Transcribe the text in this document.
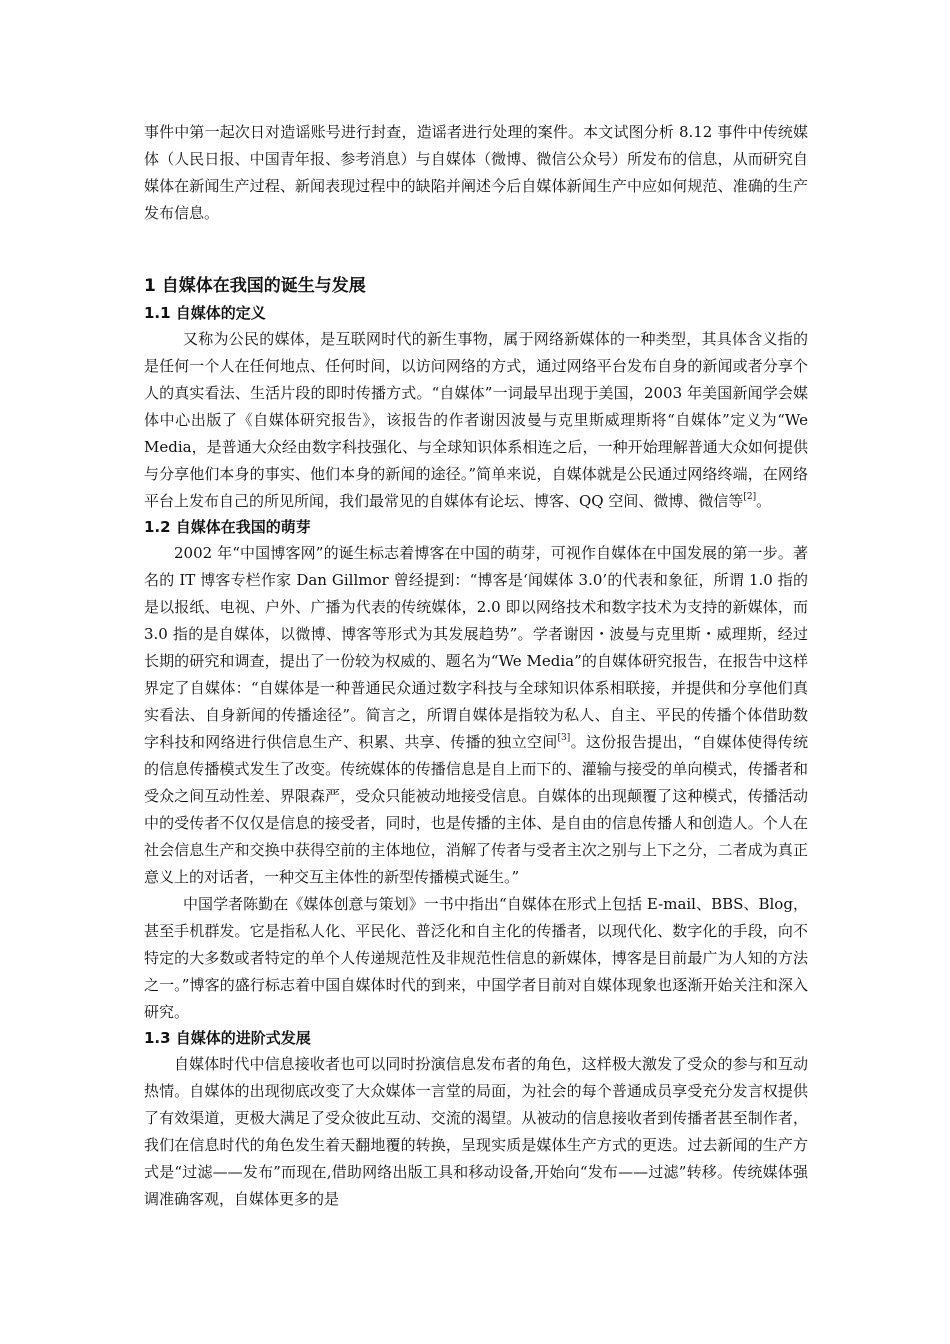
事件中第一起次日对造谣账号进行封查，造谣者进行处理的案件。本文试图分析 8.12 事件中传统媒体（人民日报、中国青年报、参考消息）与自媒体（微博、微信公众号）所发布的信息，从而研究自媒体在新闻生产过程、新闻表现过程中的缺陷并阐述今后自媒体新闻生产中应如何规范、准确的生产发布信息。

1 自媒体在我国的诞生与发展
1.1 自媒体的定义

又称为公民的媒体，是互联网时代的新生事物，属于网络新媒体的一种类型，其具体含义指的是任何一个人在任何地点、任何时间，以访问网络的方式，通过网络平台发布自身的新闻或者分享个人的真实看法、生活片段的即时传播方式。“自媒体”一词最早出现于美国，2003 年美国新闻学会媒体中心出版了《自媒体研究报告》，该报告的作者谢因波曼与克里斯威理斯将“自媒体”定义为“We Media，是普通大众经由数字科技强化、与全球知识体系相连之后，一种开始理解普通大众如何提供与分享他们本身的事实、他们本身的新闻的途径。”简单来说，自媒体就是公民通过网络终端，在网络平台上发布自己的所见所闻，我们最常见的自媒体有论坛、博客、QQ 空间、微博、微信等[2]。

1.2 自媒体在我国的萌芽

2002 年“中国博客网”的诞生标志着博客在中国的萌芽，可视作自媒体在中国发展的第一步。著名的 IT 博客专栏作家 Dan Gillmor 曾经提到：“博客是‘闻媒体 3.0’的代表和象征，所谓 1.0 指的是以报纸、电视、户外、广播为代表的传统媒体，2.0 即以网络技术和数字技术为支持的新媒体，而 3.0 指的是自媒体，以微博、博客等形式为其发展趋势”。学者谢因・波曼与克里斯・威理斯，经过长期的研究和调查，提出了一份较为权威的、题名为“We Media”的自媒体研究报告，在报告中这样界定了自媒体：“自媒体是一种普通民众通过数字科技与全球知识体系相联接，并提供和分享他们真实看法、自身新闻的传播途径”。简言之，所谓自媒体是指较为私人、自主、平民的传播个体借助数字科技和网络进行供信息生产、积累、共享、传播的独立空间[3]。这份报告提出，“自媒体使得传统的信息传播模式发生了改变。传统媒体的传播信息是自上而下的、灌输与接受的单向模式，传播者和受众之间互动性差、界限森严，受众只能被动地接受信息。自媒体的出现颠覆了这种模式，传播活动中的受传者不仅仅是信息的接受者，同时，也是传播的主体、是自由的信息传播人和创造人。个人在社会信息生产和交换中获得空前的主体地位，消解了传者与受者主次之别与上下之分，二者成为真正意义上的对话者，一种交互主体性的新型传播模式诞生。”

中国学者陈勤在《媒体创意与策划》一书中指出“自媒体在形式上包括 E-mail、BBS、Blog，甚至手机群发。它是指私人化、平民化、普泛化和自主化的传播者，以现代化、数字化的手段，向不特定的大多数或者特定的单个人传递规范性及非规范性信息的新媒体，博客是目前最广为人知的方法之一。”博客的盛行标志着中国自媒体时代的到来，中国学者目前对自媒体现象也逐渐开始关注和深入研究。

1.3 自媒体的进阶式发展

自媒体时代中信息接收者也可以同时扮演信息发布者的角色，这样极大激发了受众的参与和互动热情。自媒体的出现彻底改变了大众媒体一言堂的局面，为社会的每个普通成员享受充分发言权提供了有效渠道，更极大满足了受众彼此互动、交流的渴望。从被动的信息接收者到传播者甚至制作者，我们在信息时代的角色发生着天翻地覆的转换，呈现实质是媒体生产方式的更迭。过去新闻的生产方式是“过滤——发布”而现在,借助网络出版工具和移动设备,开始向“发布——过滤”转移。传统媒体强调准确客观，自媒体更多的是
